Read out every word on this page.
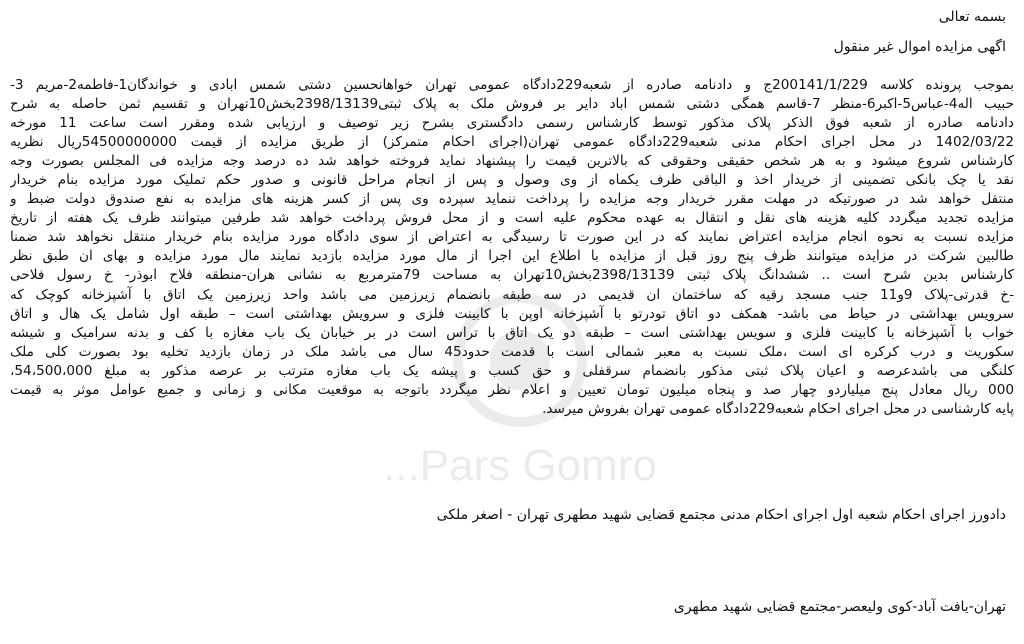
بسمه تعالی
اگهی مزایده اموال غیر منقول
بموجب پرونده کلاسه 200141/1/229ج و دادنامه صادره از شعبه229دادگاه عمومی تهران خواهانحسین دشتی شمس ابادی و خواندگان1-فاطمه2-مریم 3-
حبیب اله4-عباس5-اکبر6-منظر 7-قاسم همگی دشتی شمس اباد دایر بر فروش ملک به پلاک ثبتی2398/13139بخش10تهران و تقسیم ثمن حاصله به شرح
دادنامه صادره از شعبه فوق الذکر پلاک مذکور توسط کارشناس رسمی دادگستری بشرح زیر توصیف و ارزیابی شده ومقرر است ساعت 11 مورخه
1402/03/22 در محل اجرای احکام مدنی شعبه229دادگاه عمومی تهران(اجرای احکام متمرکز) از طریق مزایده از قیمت 54500000000ریال نظریه
کارشناس شروع میشود و به هر شخص حقیقی وحقوقی که بالاترین قیمت را پیشنهاد نماید فروخته خواهد شد ده درصد وجه مزایده فی المجلس بصورت وجه
نقد یا چک بانکی تضمینی از خریدار اخذ و الباقی ظرف یکماه از وی وصول و پس از انجام مراحل قانونی و صدور حکم تملیک مورد مزایده بنام خریدار
منتقل خواهد شد در صورتیکه در مهلت مقرر خریدار وجه مزایده را پرداخت ننماید سپرده وی پس از کسر هزینه های مزایده به نفع صندوق دولت ضبط و
مزایده تجدید میگردد کلیه هزینه های نقل و انتقال به عهده محکوم علیه است و از محل فروش پرداخت خواهد شد طرفین میتوانند ظرف یک هفته از تاریخ
مزایده نسبت به نحوه انجام مزایده اعتراض نمایند که در این صورت تا رسیدگی به اعتراض از سوی دادگاه مورد مزایده بنام خریدار منتقل نخواهد شد ضمنا
طالبین شرکت در مزایده میتوانند ظرف پنج روز قبل از مزایده با اطلاع این اجرا از مال مورد مزایده بازدید نمایند مال مورد مزایده و بهای ان طبق نظر
کارشناس بدین شرح است .. ششدانگ پلاک ثبتی 2398/13139بخش10تهران به مساحت 79مترمربع به نشانی هران-منطقه فلاح ابوذر- خ رسول فلاحی
-خ قدرتی-پلاک 9و11 جنب مسجد رقیه که ساختمان ان قدیمی در سه طبقه بانضمام زیرزمین می باشد واحد زیرزمین یک اتاق با آشپزخانه کوچک که
سرویس بهداشتی در حیاط می باشد- همکف دو اتاق تودرتو با آشپزخانه اوپن با کابینت فلزی و سرویش بهداشتی است – طبقه اول شامل یک هال و اتاق
خواب با آشپزخانه با کابینت فلزی و سویس بهداشتی است – طبقه دو یک اتاق با تراس است در بر خیابان یک باب مغازه با کف و بدنه سرامیک و شیشه
سکوریت و درب کرکره ای است ،ملک نسبت به معبر شمالی است با قدمت حدود45 سال می باشد ملک در زمان بازدید تخلیه بود بصورت کلی ملک
کلنگی می باشدعرصه و اعیان پلاک ثبتی مذکور بانضمام سرقفلی و حق کسب و پیشه یک باب مغازه مترتب بر عرصه مذکور به مبلغ 54،500،000،
000 ریال معادل پنج میلیاردو چهار صد و پنجاه میلیون تومان تعیین و اعلام نظر میگردد باتوجه به موقعیت مکانی و زمانی و جمیع عوامل موثر به قیمت
پایه کارشناسی در محل اجرای احکام شعبه229دادگاه عمومی تهران بفروش میرسد.
دادورز اجرای احکام شعبه اول اجرای احکام مدنی مجتمع قضایی شهید مطهری تهران - اصغر ملکی
تهران-یافت آباد-کوی ولیعصر-مجتمع قضایی شهید مطهری
Pars Gomro...
